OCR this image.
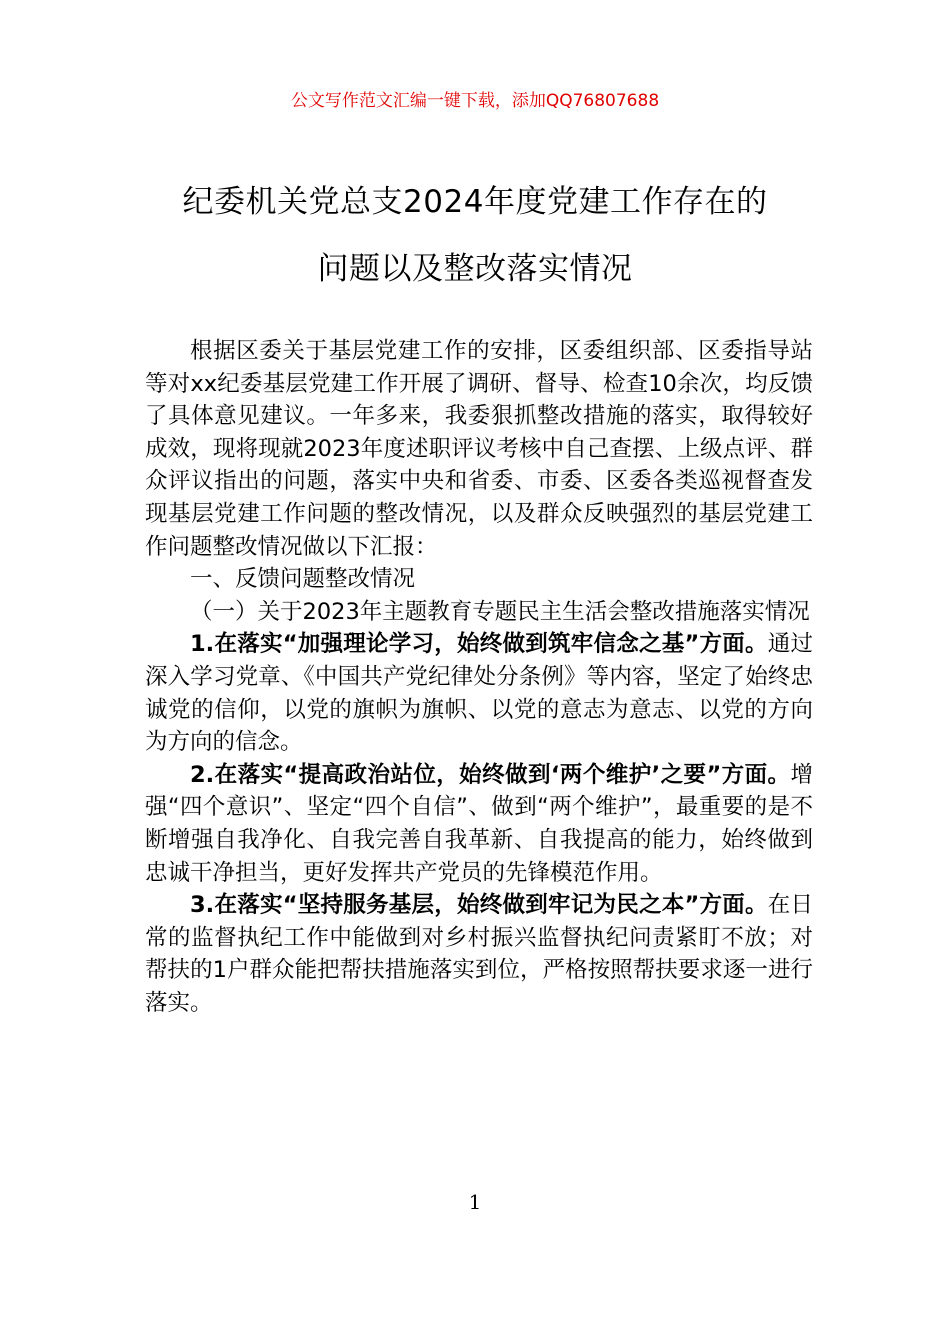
公文写作范文汇编一键下载，添加QQ76807688
纪委机关党总支2024年度党建工作存在的
问题以及整改落实情况

根据区委关于基层党建工作的安排，区委组织部、区委指导站等对xx纪委基层党建工作开展了调研、督导、检查10余次，均反馈了具体意见建议。一年多来，我委狠抓整改措施的落实，取得较好成效，现将现就2023年度述职评议考核中自己查摆、上级点评、群众评议指出的问题，落实中央和省委、市委、区委各类巡视督查发现基层党建工作问题的整改情况，以及群众反映强烈的基层党建工作问题整改情况做以下汇报：

一、反馈问题整改情况

（一）关于2023年主题教育专题民主生活会整改措施落实情况

1.在落实“加强理论学习，始终做到筑牢信念之基”方面。通过深入学习党章、《中国共产党纪律处分条例》等内容，坚定了始终忠诚党的信仰，以党的旗帜为旗帜、以党的意志为意志、以党的方向为方向的信念。

2.在落实“提高政治站位，始终做到‘两个维护’之要”方面。增强“四个意识”、坚定“四个自信”、做到“两个维护”，最重要的是不断增强自我净化、自我完善自我革新、自我提高的能力，始终做到忠诚干净担当，更好发挥共产党员的先锋模范作用。

3.在落实“坚持服务基层，始终做到牢记为民之本”方面。在日常的监督执纪工作中能做到对乡村振兴监督执纪问责紧盯不放；对帮扶的1户群众能把帮扶措施落实到位，严格按照帮扶要求逐一进行落实。

1
